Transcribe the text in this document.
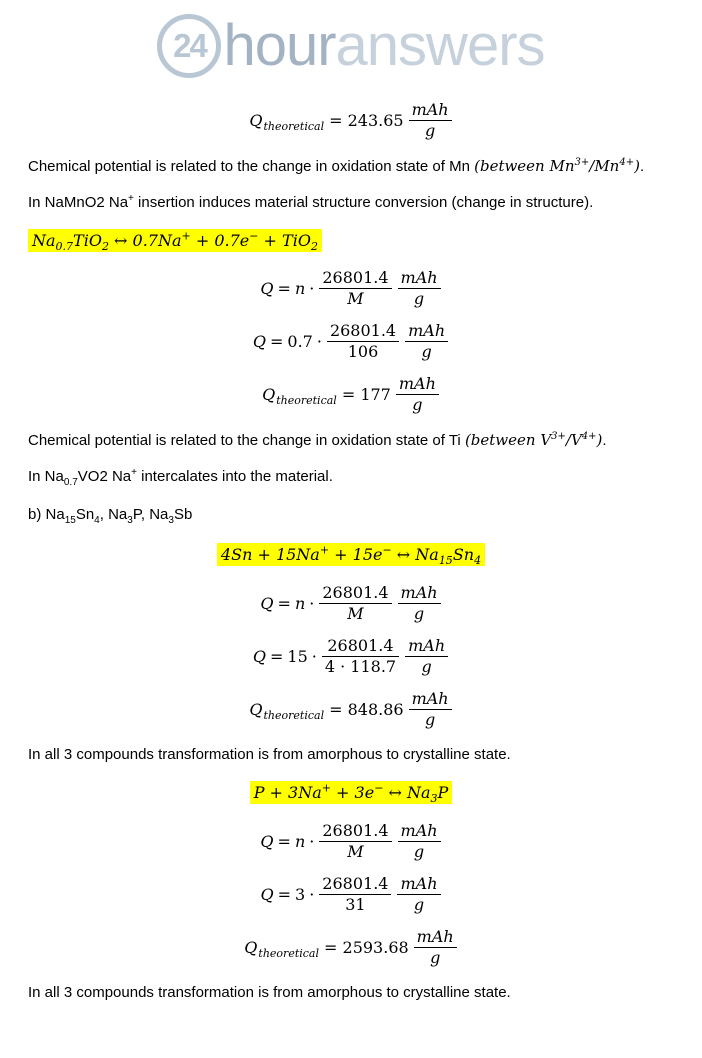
24 hour answers
$Q_{theoretical} = 243.65 \frac{\text{mAh}}{g}$

Chemical potential is related to the change in oxidation state of Mn (between $Mn^{3+}/Mn^{4+}$).

In NaMnO2 Na+ insertion induces material structure conversion (change in structure).

$Na_{0.7}TiO_2$ ↔ 0.7Na+ + 0.7e− + TiO$_2$
$Q = n \cdot \frac{26801.4}{M} \frac{\text{mAh}}{g}$
$Q = 0.7 \cdot \frac{26801.4}{106} \frac{\text{mAh}}{g}$
$Q_{theoretical} = 177 \frac{\text{mAh}}{g}$

Chemical potential is related to the change in oxidation state of Ti (between $V^{3+}/V^{4+}$).

In $Na_{0.7}VO2$ Na+ intercalates into the material.

b) $Na_{15}Sn_4$, $Na_3P$, $Na_3Sb$

4Sn + 15Na+ + 15e− ↔ $Na_{15}Sn_4$
$Q = n \cdot \frac{26801.4}{M} \frac{\text{mAh}}{g}$
$Q = 15 \cdot \frac{26801.4}{4 \cdot 118.7} \frac{\text{mAh}}{g}$
$Q_{theoretical} = 848.86 \frac{\text{mAh}}{g}$

In all 3 compounds transformation is from amorphous to crystalline state.

P + 3Na+ + 3e− ↔ $Na_3P$
$Q = n \cdot \frac{26801.4}{M} \frac{\text{mAh}}{g}$
$Q = 3 \cdot \frac{26801.4}{31} \frac{\text{mAh}}{g}$
$Q_{theoretical} = 2593.68 \frac{\text{mAh}}{g}$

In all 3 compounds transformation is from amorphous to crystalline state.
